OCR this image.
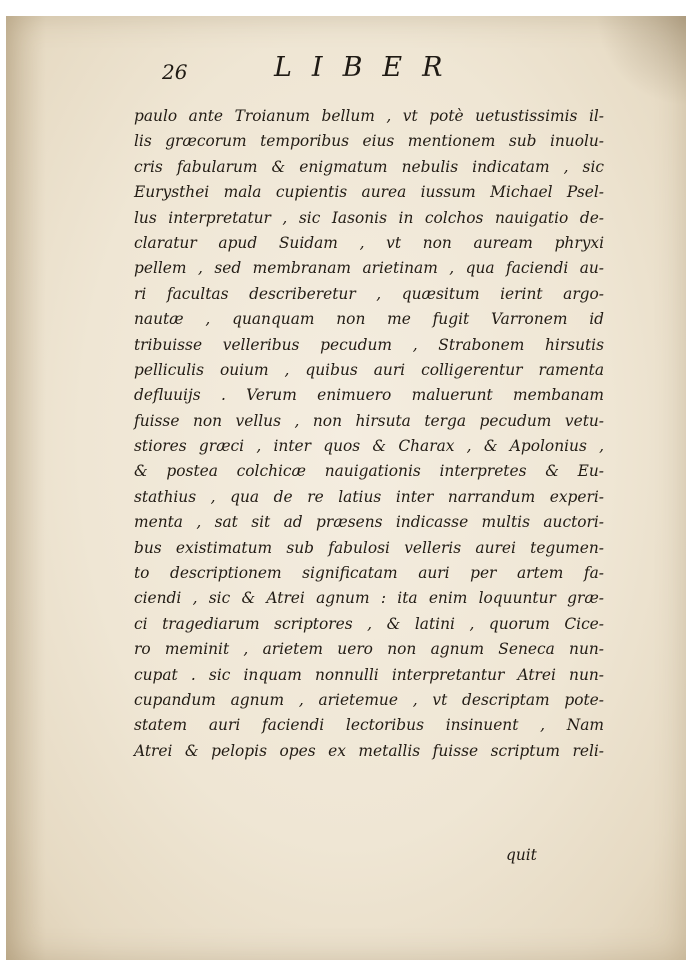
26	LIBER
paulo ante Troianum bellum , vt potè uetustissimis il-
lis græcorum temporibus eius mentionem sub inuolu-
cris fabularum & enigmatum nebulis indicatam , sic
Eurysthei mala cupientis aurea iussum Michael Psel-
lus interpretatur , sic Iasonis in colchos nauigatio de-
claratur apud Suidam , vt non auream phryxi
pellem , sed membranam arietinam , qua faciendi au-
ri facultas describeretur , quæsitum ierint argo-
nautæ , quanquam non me fugit Varronem id
tribuisse velleribus pecudum , Strabonem hirsutis
pelliculis ouium , quibus auri colligerentur ramenta
defluuijs . Verum enimuero maluerunt membanam
fuisse non vellus , non hirsuta terga pecudum vetu-
stiores græci , inter quos & Charax , & Apolonius ,
& postea colchicæ nauigationis interpretes & Eu-
stathius , qua de re latius inter narrandum experi-
menta , sat sit ad præsens indicasse multis auctori-
bus existimatum sub fabulosi velleris aurei tegumen-
to descriptionem significatam auri per artem fa-
ciendi , sic & Atrei agnum : ita enim loquuntur græ-
ci tragediarum scriptores , & latini , quorum Cice-
ro meminit , arietem uero non agnum Seneca nun-
cupat . sic inquam nonnulli interpretantur Atrei nun-
cupandum agnum , arietemue , vt descriptam pote-
statem auri faciendi lectoribus insinuent , Nam
Atrei & pelopis opes ex metallis fuisse scriptum reli-
quit
